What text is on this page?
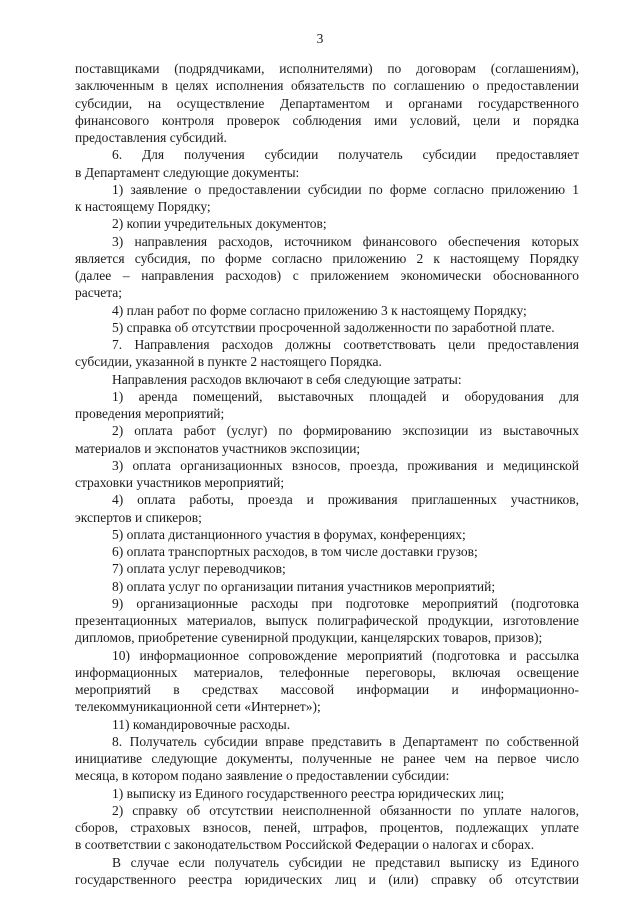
3
поставщиками (подрядчиками, исполнителями) по договорам (соглашениям),
заключенным в целях исполнения обязательств по соглашению о предоставлении
субсидии, на осуществление Департаментом и органами государственного
финансового контроля проверок соблюдения ими условий, цели и порядка
предоставления субсидий.
6. Для получения субсидии получатель субсидии предоставляет
в Департамент следующие документы:
1) заявление о предоставлении субсидии по форме согласно приложению 1
к настоящему Порядку;
2) копии учредительных документов;
3) направления расходов, источником финансового обеспечения которых
является субсидия, по форме согласно приложению 2 к настоящему Порядку
(далее – направления расходов) с приложением экономически обоснованного
расчета;
4) план работ по форме согласно приложению 3 к настоящему Порядку;
5) справка об отсутствии просроченной задолженности по заработной плате.
7. Направления расходов должны соответствовать цели предоставления
субсидии, указанной в пункте 2 настоящего Порядка.
Направления расходов включают в себя следующие затраты:
1) аренда помещений, выставочных площадей и оборудования для
проведения мероприятий;
2) оплата работ (услуг) по формированию экспозиции из выставочных
материалов и экспонатов участников экспозиции;
3) оплата организационных взносов, проезда, проживания и медицинской
страховки участников мероприятий;
4) оплата работы, проезда и проживания приглашенных участников,
экспертов и спикеров;
5) оплата дистанционного участия в форумах, конференциях;
6) оплата транспортных расходов, в том числе доставки грузов;
7) оплата услуг переводчиков;
8) оплата услуг по организации питания участников мероприятий;
9) организационные расходы при подготовке мероприятий (подготовка
презентационных материалов, выпуск полиграфической продукции, изготовление
дипломов, приобретение сувенирной продукции, канцелярских товаров, призов);
10) информационное сопровождение мероприятий (подготовка и рассылка
информационных материалов, телефонные переговоры, включая освещение
мероприятий в средствах массовой информации и информационно-
телекоммуникационной сети «Интернет»);
11) командировочные расходы.
8. Получатель субсидии вправе представить в Департамент по собственной
инициативе следующие документы, полученные не ранее чем на первое число
месяца, в котором подано заявление о предоставлении субсидии:
1) выписку из Единого государственного реестра юридических лиц;
2) справку об отсутствии неисполненной обязанности по уплате налогов,
сборов, страховых взносов, пеней, штрафов, процентов, подлежащих уплате
в соответствии с законодательством Российской Федерации о налогах и сборах.
В случае если получатель субсидии не представил выписку из Единого
государственного реестра юридических лиц и (или) справку об отсутствии
